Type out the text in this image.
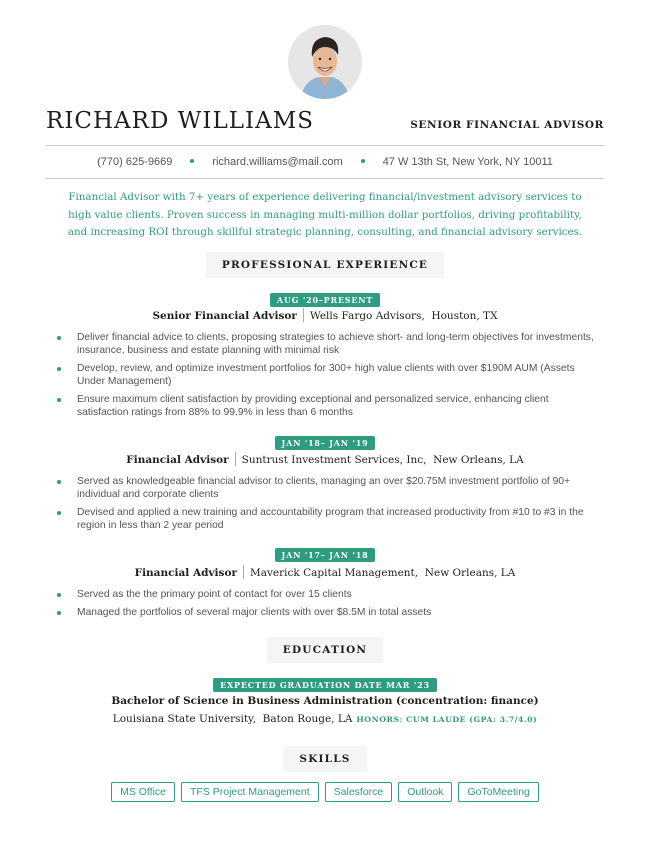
RICHARD WILLIAMS	SENIOR FINANCIAL ADVISOR
(770) 625-9669	richard.williams@mail.com	47 W 13th St, New York, NY 10011
Financial Advisor with 7+ years of experience delivering financial/investment advisory services to high value clients. Proven success in managing multi-million dollar portfolios, driving profitability, and increasing ROI through skillful strategic planning, consulting, and financial advisory services.
PROFESSIONAL EXPERIENCE
AUG '20–PRESENT
Senior Financial Advisor Wells Fargo Advisors, Houston, TX
Deliver financial advice to clients, proposing strategies to achieve short- and long-term objectives for investments, insurance, business and estate planning with minimal risk
Develop, review, and optimize investment portfolios for 300+ high value clients with over $190M AUM (Assets Under Management)
Ensure maximum client satisfaction by providing exceptional and personalized service, enhancing client satisfaction ratings from 88% to 99.9% in less than 6 months
JAN '18– JAN '19
Financial Advisor Suntrust Investment Services, Inc, New Orleans, LA
Served as knowledgeable financial advisor to clients, managing an over $20.75M investment portfolio of 90+ individual and corporate clients
Devised and applied a new training and accountability program that increased productivity from #10 to #3 in the region in less than 2 year period
JAN '17– JAN '18
Financial Advisor Maverick Capital Management, New Orleans, LA
Served as the the primary point of contact for over 15 clients
Managed the portfolios of several major clients with over $8.5M in total assets
EDUCATION
EXPECTED GRADUATION DATE MAR '23
Bachelor of Science in Business Administration (concentration: finance)
Louisiana State University, Baton Rouge, LA HONORS: CUM LAUDE (GPA: 3.7/4.0)
SKILLS
MS Office TFS Project Management Salesforce Outlook GoToMeeting
